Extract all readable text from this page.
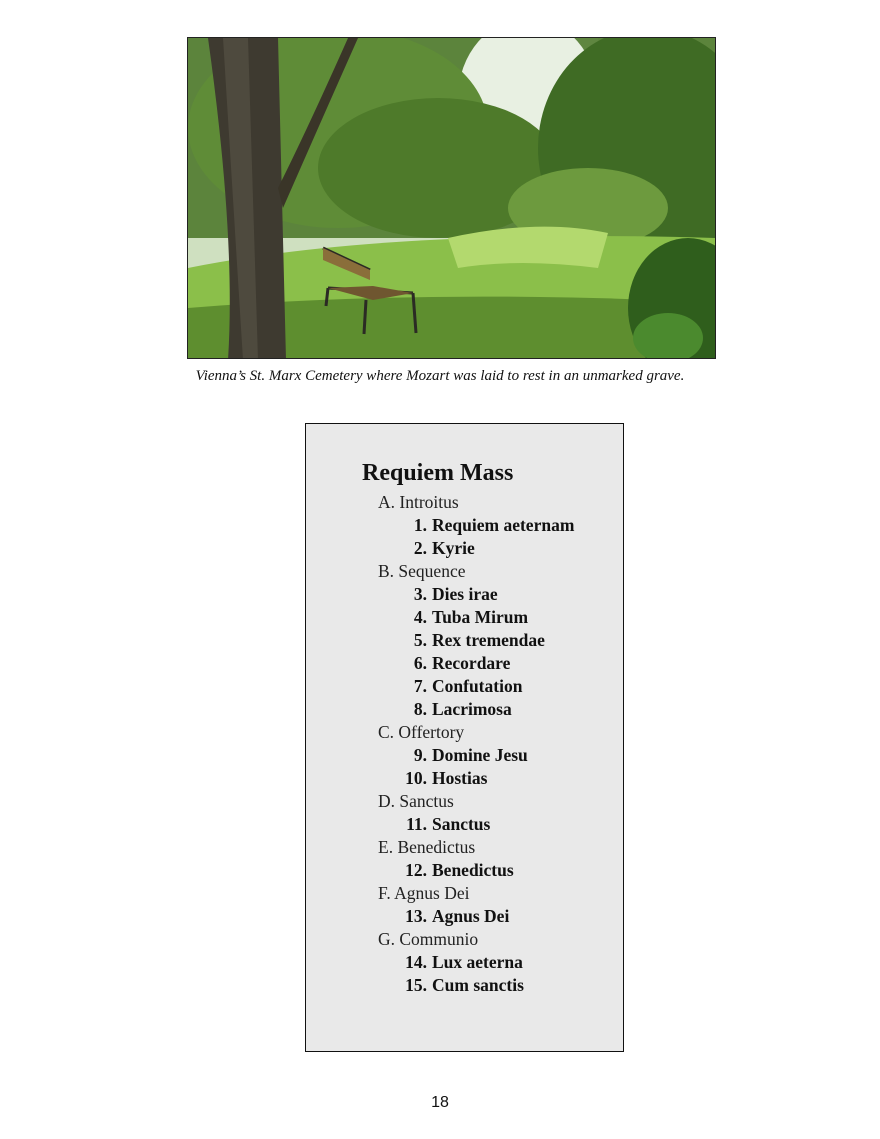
Vienna’s St. Marx Cemetery where Mozart was laid to rest in an unmarked grave.
Requiem Mass
A. Introitus
1. Requiem aeternam
2. Kyrie
B. Sequence
3. Dies irae
4. Tuba Mirum
5. Rex tremendae
6. Recordare
7. Confutation
8. Lacrimosa
C. Offertory
9. Domine Jesu
10. Hostias
D. Sanctus
11. Sanctus
E. Benedictus
12. Benedictus
F. Agnus Dei
13. Agnus Dei
G. Communio
14. Lux aeterna
15. Cum sanctis
18
